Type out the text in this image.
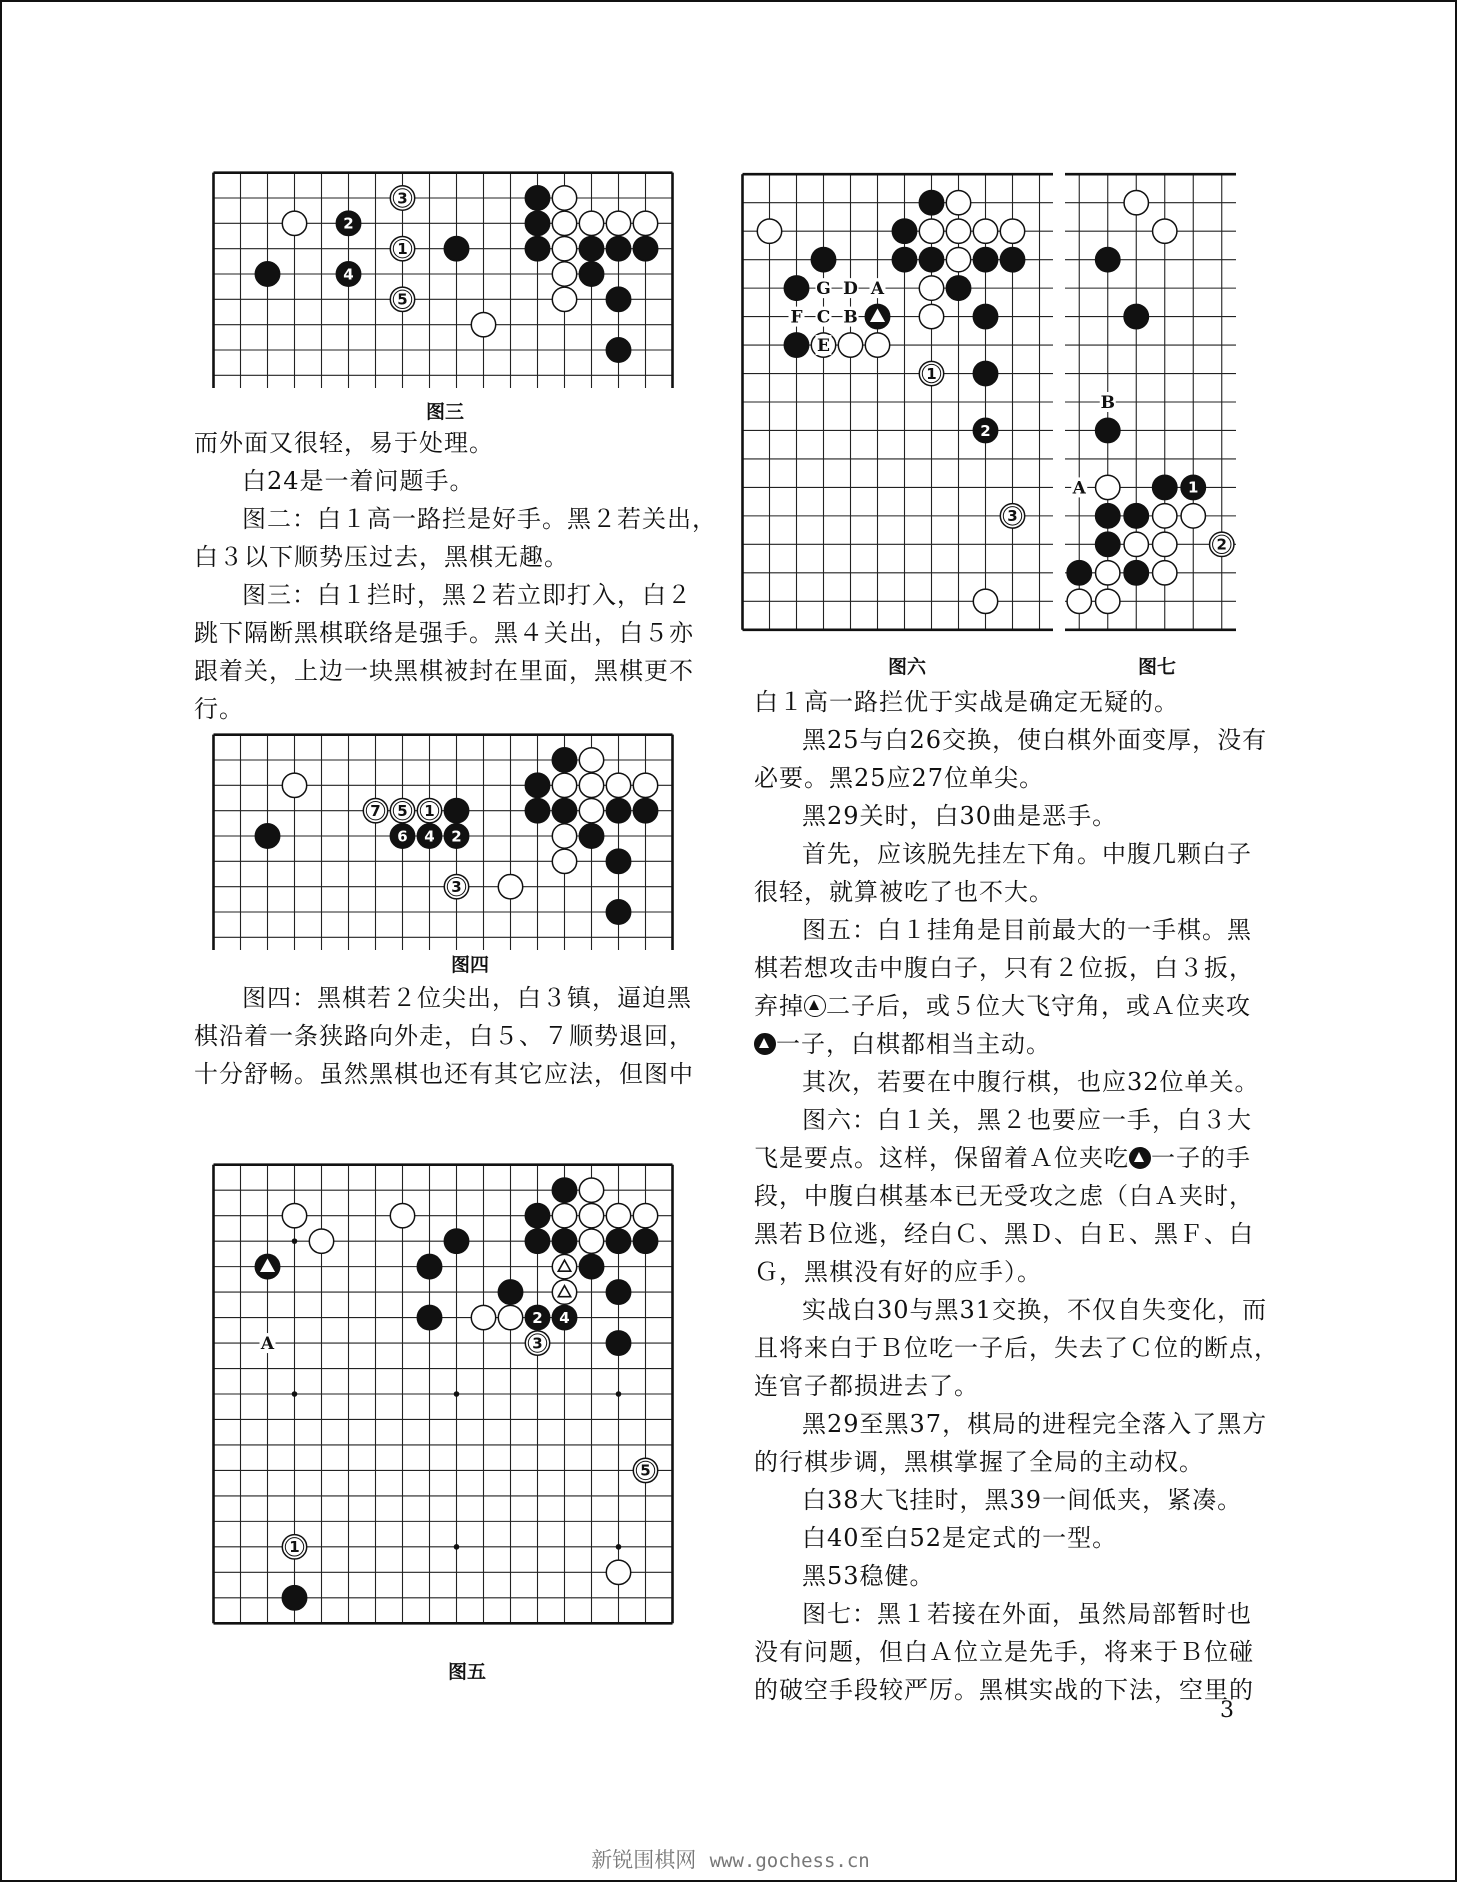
2
3
1
4
5
图三

而外面又很轻，易于处理。

白24是一着问题手。

图二：白１高一路拦是好手。黑２若关出，

白３以下顺势压过去，黑棋无趣。

图三：白１拦时，黑２若立即打入，白２

跳下隔断黑棋联络是强手。黑４关出，白５亦

跟着关，上边一块黑棋被封在里面，黑棋更不

行。

7 5 1
6 4 2
3
图四

图四：黑棋若２位尖出，白３镇，逼迫黑

棋沿着一条狭路向外走，白５、７顺势退回，

十分舒畅。虽然黑棋也还有其它应法，但图中

2 4
3
5
1
A
图五
1
2
3
G D A
F C B
E
图六
1
2
B
A
图七

白１高一路拦优于实战是确定无疑的。

黑25与白26交换，使白棋外面变厚，没有

必要。黑25应27位单尖。

黑29关时，白30曲是恶手。

首先，应该脱先挂左下角。中腹几颗白子

很轻，就算被吃了也不大。

图五：白１挂角是目前最大的一手棋。黑

棋若想攻击中腹白子，只有２位扳，白３扳，

弃掉 二子后，或５位大飞守角，或Ａ位夹攻

一子，白棋都相当主动。

其次，若要在中腹行棋，也应32位单关。

图六：白１关，黑２也要应一手，白３大

飞是要点。这样，保留着Ａ位夹吃 一子的手

段，中腹白棋基本已无受攻之虑（白Ａ夹时，

黑若Ｂ位逃，经白Ｃ、黑Ｄ、白Ｅ、黑Ｆ、白

Ｇ，黑棋没有好的应手）。

实战白30与黑31交换，不仅自失变化，而

且将来白于Ｂ位吃一子后，失去了Ｃ位的断点，

连官子都损进去了。

黑29至黑37，棋局的进程完全落入了黑方

的行棋步调，黑棋掌握了全局的主动权。

白38大飞挂时，黑39一间低夹，紧凑。

白40至白52是定式的一型。

黑53稳健。

图七：黑１若接在外面，虽然局部暂时也

没有问题，但白Ａ位立是先手，将来于Ｂ位碰

的破空手段较严厉。黑棋实战的下法，空里的

3
新锐围棋网 www.gochess.cn
